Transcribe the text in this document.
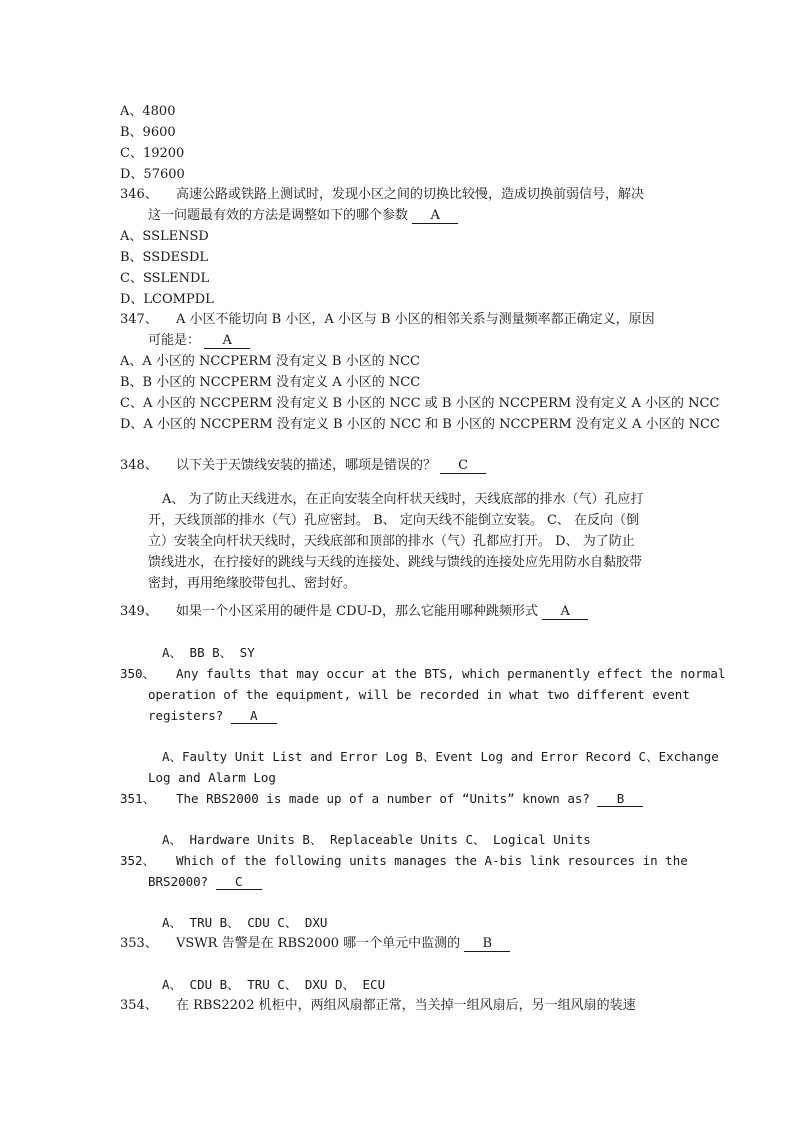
A、4800
B、9600
C、19200
D、57600
346、 高速公路或铁路上测试时，发现小区之间的切换比较慢，造成切换前弱信号，解决
这一问题最有效的方法是调整如下的哪个参数 A
A、SSLENSD
B、SSDESDL
C、SSLENDL
D、LCOMPDL
347、 A 小区不能切向 B 小区，A 小区与 B 小区的相邻关系与测量频率都正确定义，原因
可能是： A
A、A 小区的 NCCPERM 没有定义 B 小区的 NCC
B、B 小区的 NCCPERM 没有定义 A 小区的 NCC
C、A 小区的 NCCPERM 没有定义 B 小区的 NCC 或 B 小区的 NCCPERM 没有定义 A 小区的 NCC
D、A 小区的 NCCPERM 没有定义 B 小区的 NCC 和 B 小区的 NCCPERM 没有定义 A 小区的 NCC
348、 以下关于天馈线安装的描述，哪项是错误的？ C
A、 为了防止天线进水，在正向安装全向杆状天线时，天线底部的排水（气）孔应打
开，天线顶部的排水（气）孔应密封。 B、 定向天线不能倒立安装。 C、 在反向（倒
立）安装全向杆状天线时，天线底部和顶部的排水（气）孔都应打开。 D、 为了防止
馈线进水，在拧接好的跳线与天线的连接处、跳线与馈线的连接处应先用防水自黏胶带
密封，再用绝缘胶带包扎、密封好。
349、 如果一个小区采用的硬件是 CDU-D，那么它能用哪种跳频形式 A
A、 BB B、 SY
350、 Any faults that may occur at the BTS, which permanently effect the normal
operation of the equipment, will be recorded in what two different event
registers? A
A、Faulty Unit List and Error Log B、Event Log and Error Record C、Exchange
Log and Alarm Log
351、 The RBS2000 is made up of a number of “Units” known as? B
A、 Hardware Units B、 Replaceable Units C、 Logical Units
352、 Which of the following units manages the A-bis link resources in the
BRS2000? C
A、 TRU B、 CDU C、 DXU
353、 VSWR 告警是在 RBS2000 哪一个单元中监测的 B
A、 CDU B、 TRU C、 DXU D、 ECU
354、 在 RBS2202 机柜中，两组风扇都正常，当关掉一组风扇后，另一组风扇的装速
